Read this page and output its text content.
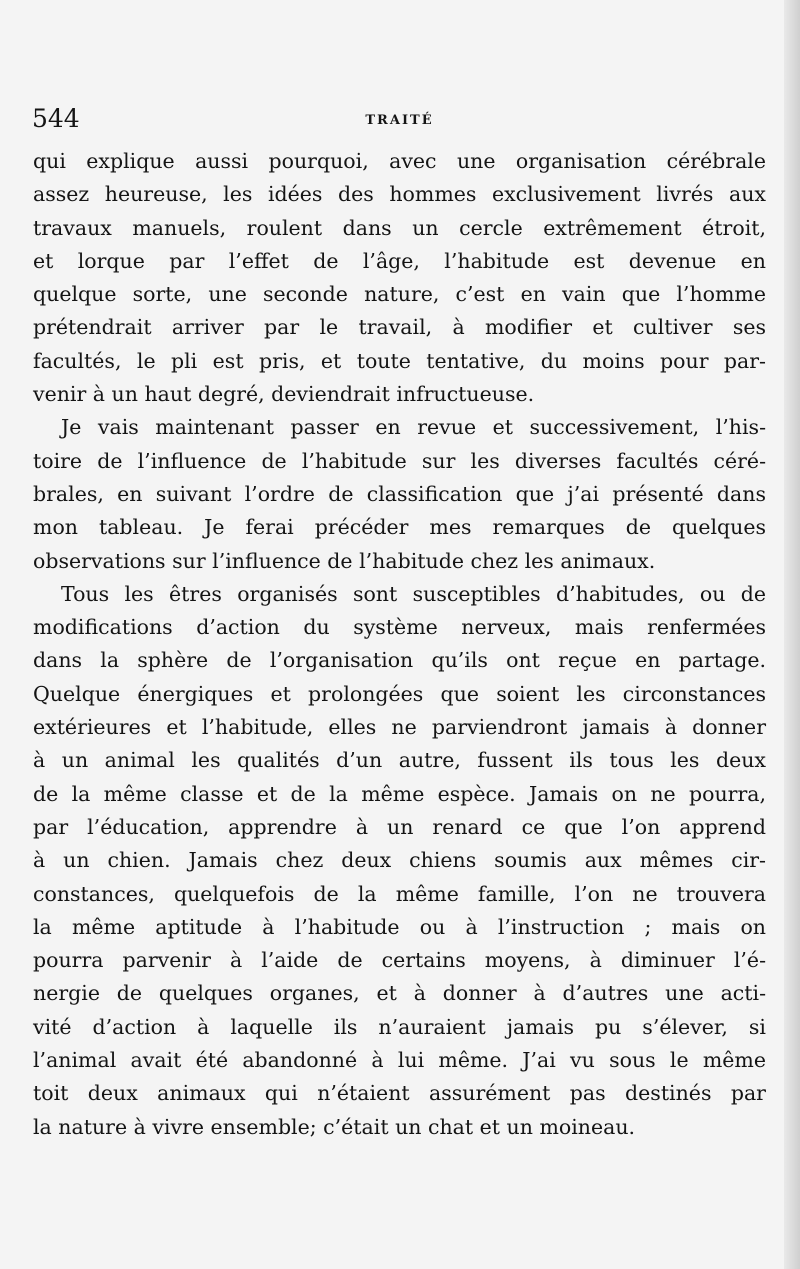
544	TRAITÉ
qui explique aussi pourquoi, avec une organisation cérébrale
assez heureuse, les idées des hommes exclusivement livrés aux
travaux manuels, roulent dans un cercle extrêmement étroit,
et lorque par l’effet de l’âge, l’habitude est devenue en
quelque sorte, une seconde nature, c’est en vain que l’homme
prétendrait arriver par le travail, à modifier et cultiver ses
facultés, le pli est pris, et toute tentative, du moins pour par-
venir à un haut degré, deviendrait infructueuse.
Je vais maintenant passer en revue et successivement, l’his-
toire de l’influence de l’habitude sur les diverses facultés céré-
brales, en suivant l’ordre de classification que j’ai présenté dans
mon tableau. Je ferai précéder mes remarques de quelques
observations sur l’influence de l’habitude chez les animaux.
Tous les êtres organisés sont susceptibles d’habitudes, ou de
modifications d’action du système nerveux, mais renfermées
dans la sphère de l’organisation qu’ils ont reçue en partage.
Quelque énergiques et prolongées que soient les circonstances
extérieures et l’habitude, elles ne parviendront jamais à donner
à un animal les qualités d’un autre, fussent ils tous les deux
de la même classe et de la même espèce. Jamais on ne pourra,
par l’éducation, apprendre à un renard ce que l’on apprend
à un chien. Jamais chez deux chiens soumis aux mêmes cir-
constances, quelquefois de la même famille, l’on ne trouvera
la même aptitude à l’habitude ou à l’instruction ; mais on
pourra parvenir à l’aide de certains moyens, à diminuer l’é-
nergie de quelques organes, et à donner à d’autres une acti-
vité d’action à laquelle ils n’auraient jamais pu s’élever, si
l’animal avait été abandonné à lui même. J’ai vu sous le même
toit deux animaux qui n’étaient assurément pas destinés par
la nature à vivre ensemble; c’était un chat et un moineau.
